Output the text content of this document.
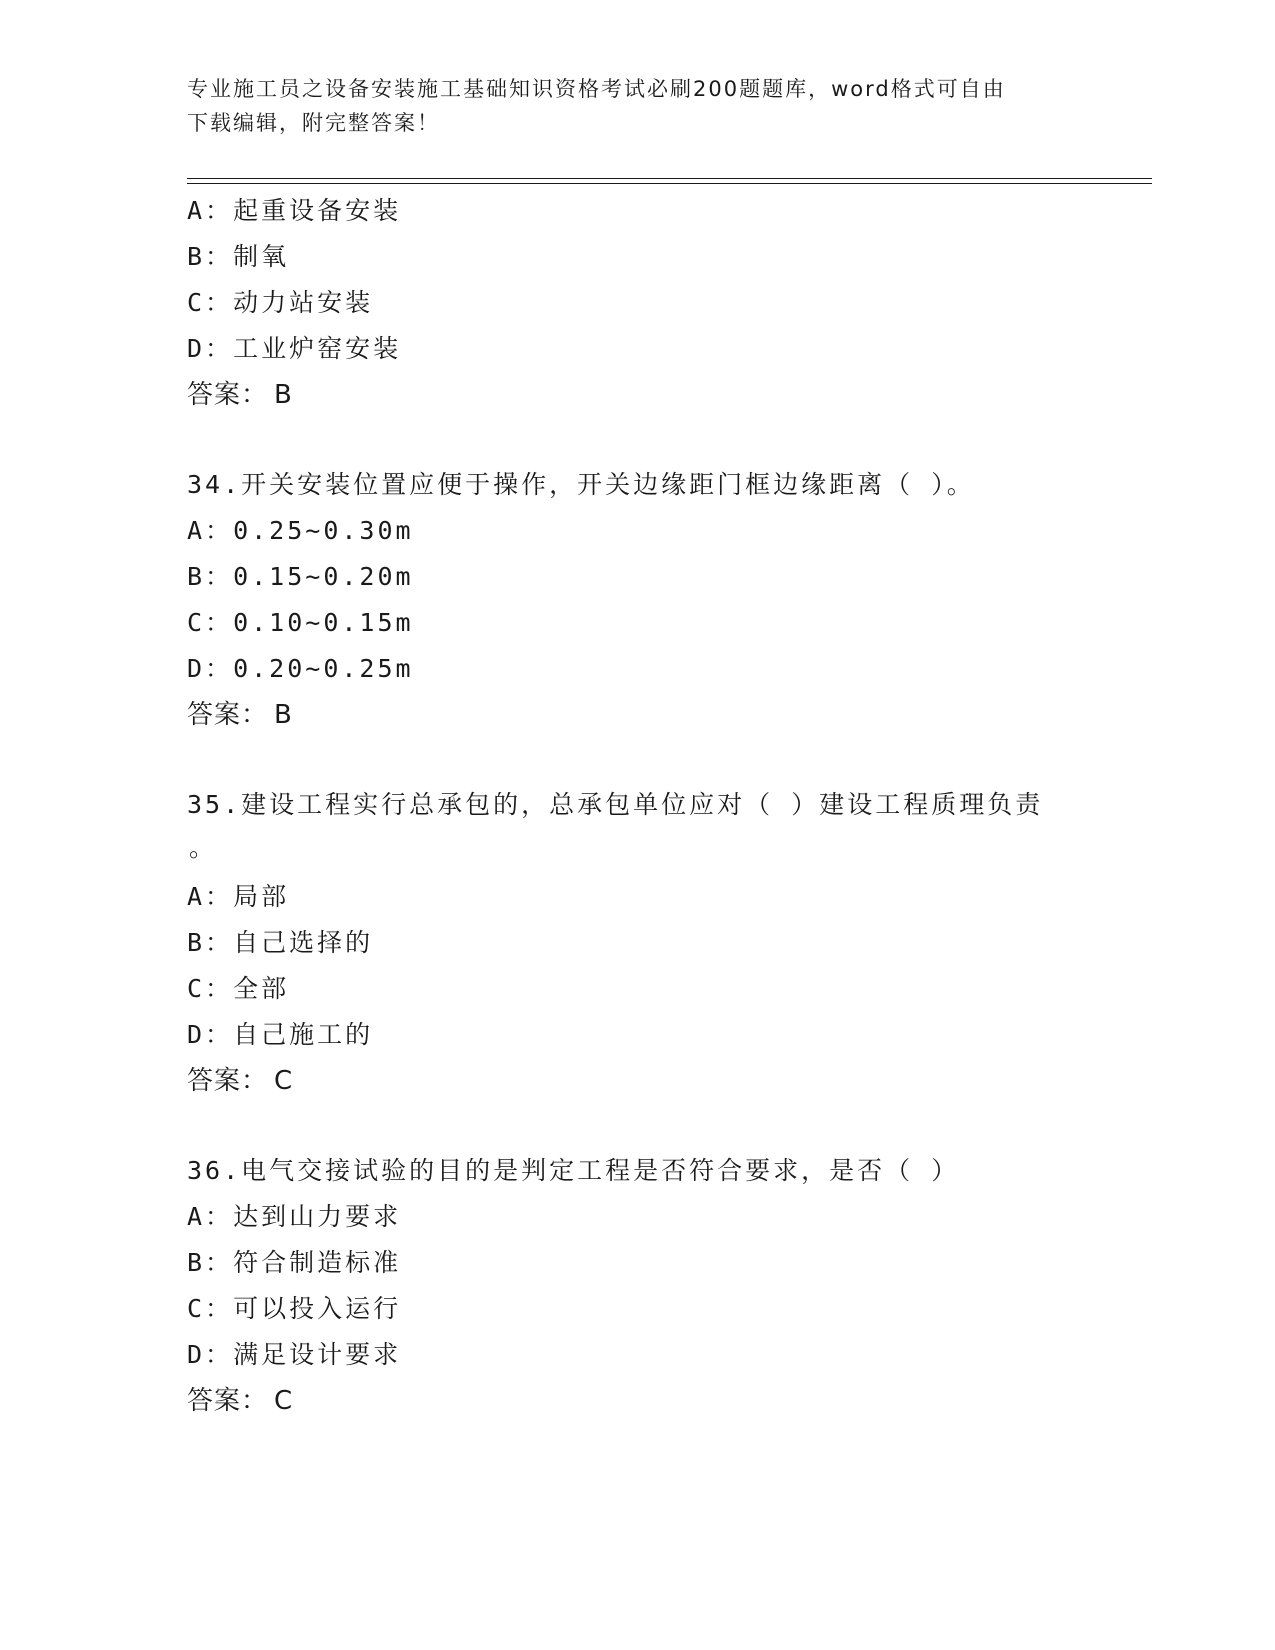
专业施工员之设备安装施工基础知识资格考试必刷200题题库，word格式可自由
下载编辑，附完整答案！
A：起重设备安装
B：制氧
C：动力站安装
D：工业炉窑安装
答案： B
34.开关安装位置应便于操作，开关边缘距门框边缘距离（ ）。
A：0.25~0.30m
B：0.15~0.20m
C：0.10~0.15m
D：0.20~0.25m
答案： B
35.建设工程实行总承包的，总承包单位应对（ ）建设工程质理负责
。
A：局部
B：自己选择的
C：全部
D：自己施工的
答案： C
36.电气交接试验的目的是判定工程是否符合要求，是否（ ）
A：达到山力要求
B：符合制造标准
C：可以投入运行
D：满足设计要求
答案： C
